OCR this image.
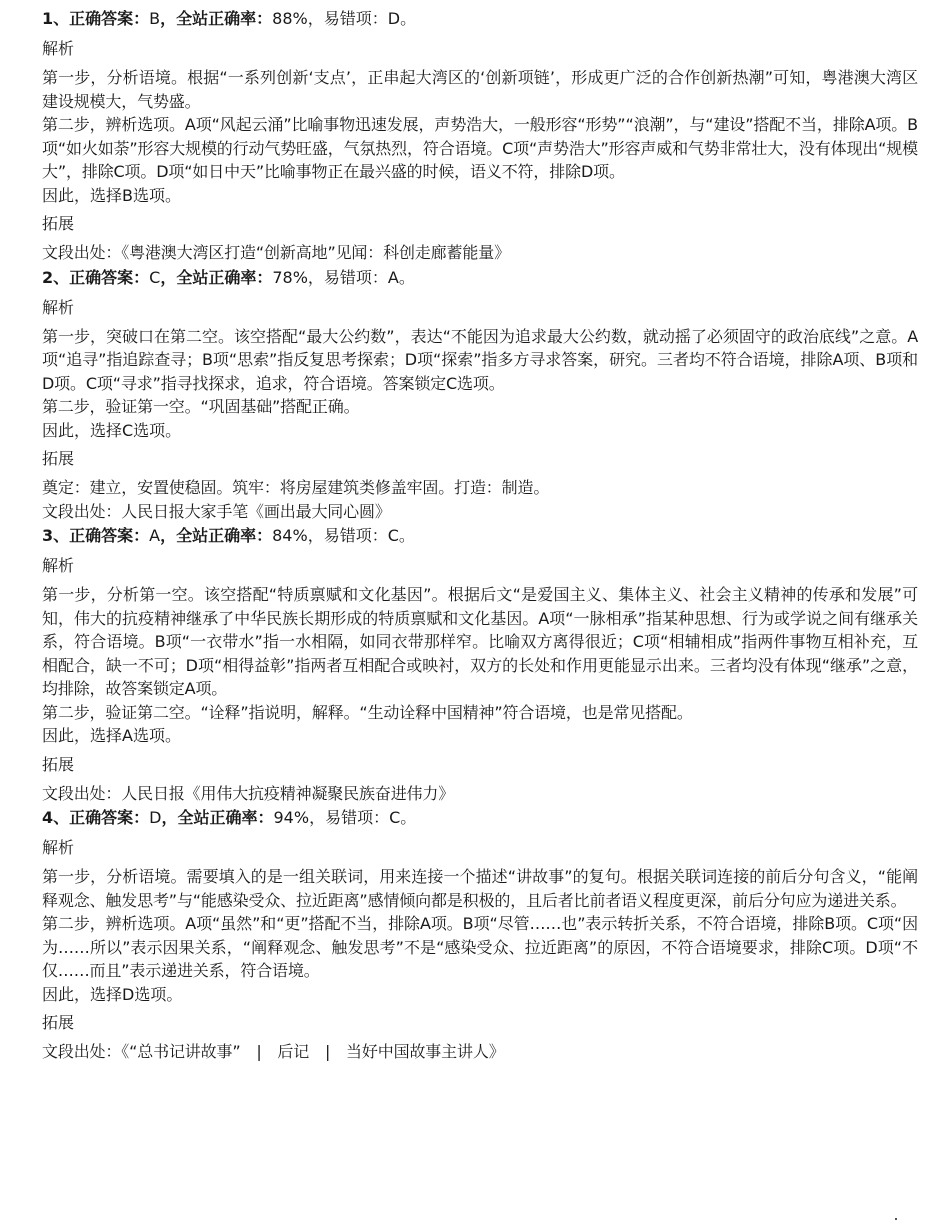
1、正确答案：B，全站正确率：88%，易错项：D。
解析

第一步，分析语境。根据“一系列创新‘支点’，正串起大湾区的‘创新项链’，形成更广泛的合作创新热潮”可知，粤港澳大湾区建设规模大，气势盛。

第二步，辨析选项。A项“风起云涌”比喻事物迅速发展，声势浩大，一般形容“形势”“浪潮”，与“建设”搭配不当，排除A项。B项“如火如荼”形容大规模的行动气势旺盛，气氛热烈，符合语境。C项“声势浩大”形容声威和气势非常壮大，没有体现出“规模大”，排除C项。D项“如日中天”比喻事物正在最兴盛的时候，语义不符，排除D项。

因此，选择B选项。

拓展

文段出处：《粤港澳大湾区打造“创新高地”见闻：科创走廊蓄能量》

2、正确答案：C，全站正确率：78%，易错项：A。
解析

第一步，突破口在第二空。该空搭配“最大公约数”，表达“不能因为追求最大公约数，就动摇了必须固守的政治底线”之意。A项“追寻”指追踪查寻；B项“思索”指反复思考探索；D项“探索”指多方寻求答案，研究。三者均不符合语境，排除A项、B项和D项。C项“寻求”指寻找探求，追求，符合语境。答案锁定C选项。

第二步，验证第一空。“巩固基础”搭配正确。

因此，选择C选项。

拓展

奠定：建立，安置使稳固。筑牢：将房屋建筑类修盖牢固。打造：制造。

文段出处：人民日报大家手笔《画出最大同心圆》

3、正确答案：A，全站正确率：84%，易错项：C。
解析

第一步，分析第一空。该空搭配“特质禀赋和文化基因”。根据后文“是爱国主义、集体主义、社会主义精神的传承和发展”可知，伟大的抗疫精神继承了中华民族长期形成的特质禀赋和文化基因。A项“一脉相承”指某种思想、行为或学说之间有继承关系，符合语境。B项“一衣带水”指一水相隔，如同衣带那样窄。比喻双方离得很近；C项“相辅相成”指两件事物互相补充，互相配合，缺一不可；D项“相得益彰”指两者互相配合或映衬，双方的长处和作用更能显示出来。三者均没有体现“继承”之意，均排除，故答案锁定A项。

第二步，验证第二空。“诠释”指说明，解释。“生动诠释中国精神”符合语境，也是常见搭配。

因此，选择A选项。

拓展

文段出处：人民日报《用伟大抗疫精神凝聚民族奋进伟力》

4、正确答案：D，全站正确率：94%，易错项：C。
解析

第一步，分析语境。需要填入的是一组关联词，用来连接一个描述“讲故事”的复句。根据关联词连接的前后分句含义，“能阐释观念、触发思考”与“能感染受众、拉近距离”感情倾向都是积极的，且后者比前者语义程度更深，前后分句应为递进关系。

第二步，辨析选项。A项“虽然”和“更”搭配不当，排除A项。B项“尽管……也”表示转折关系，不符合语境，排除B项。C项“因为……所以”表示因果关系，“阐释观念、触发思考”不是“感染受众、拉近距离”的原因，不符合语境要求，排除C项。D项“不仅……而且”表示递进关系，符合语境。

因此，选择D选项。

拓展

文段出处：《“总书记讲故事”　|　后记　|　当好中国故事主讲人》
